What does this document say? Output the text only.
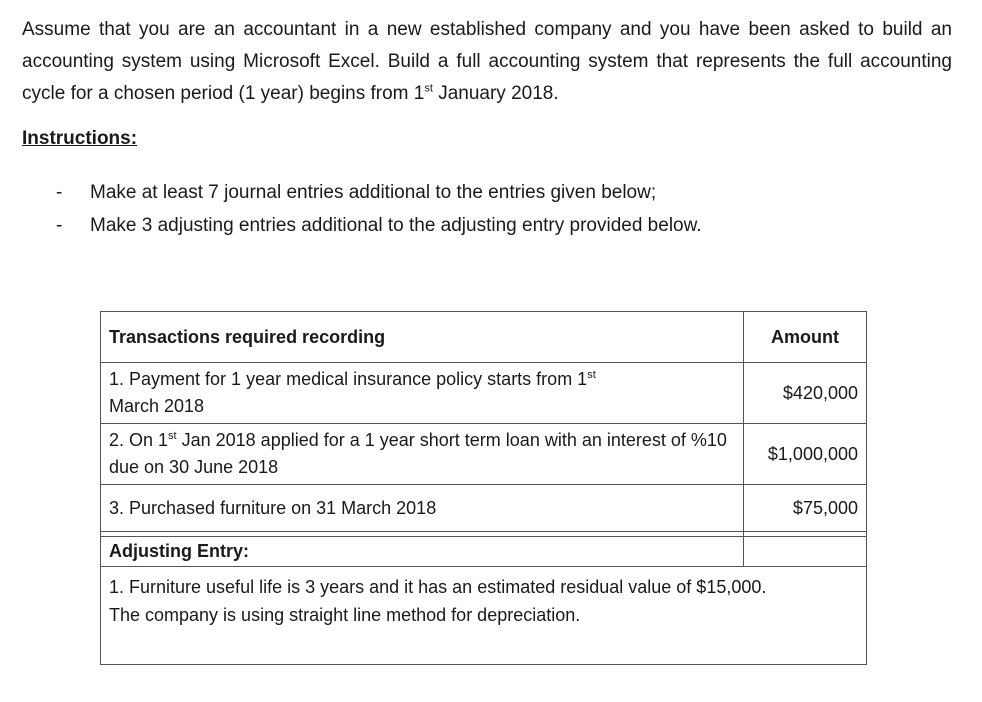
Assume that you are an accountant in a new established company and you have been asked to build an accounting system using Microsoft Excel. Build a full accounting system that represents the full accounting cycle for a chosen period (1 year) begins from 1st January 2018.

Instructions:

- Make at least 7 journal entries additional to the entries given below;
- Make 3 adjusting entries additional to the adjusting entry provided below.
Transactions required recording	Amount
1. Payment for 1 year medical insurance policy starts from 1st
March 2018	$420,000
2. On 1st Jan 2018 applied for a 1 year short term loan with an interest of %10 due on 30 June 2018	$1,000,000
3. Purchased furniture on 31 March 2018	$75,000

Adjusting Entry:	

1. Furniture useful life is 3 years and it has an estimated residual value of $15,000. The company is using straight line method for depreciation.	
